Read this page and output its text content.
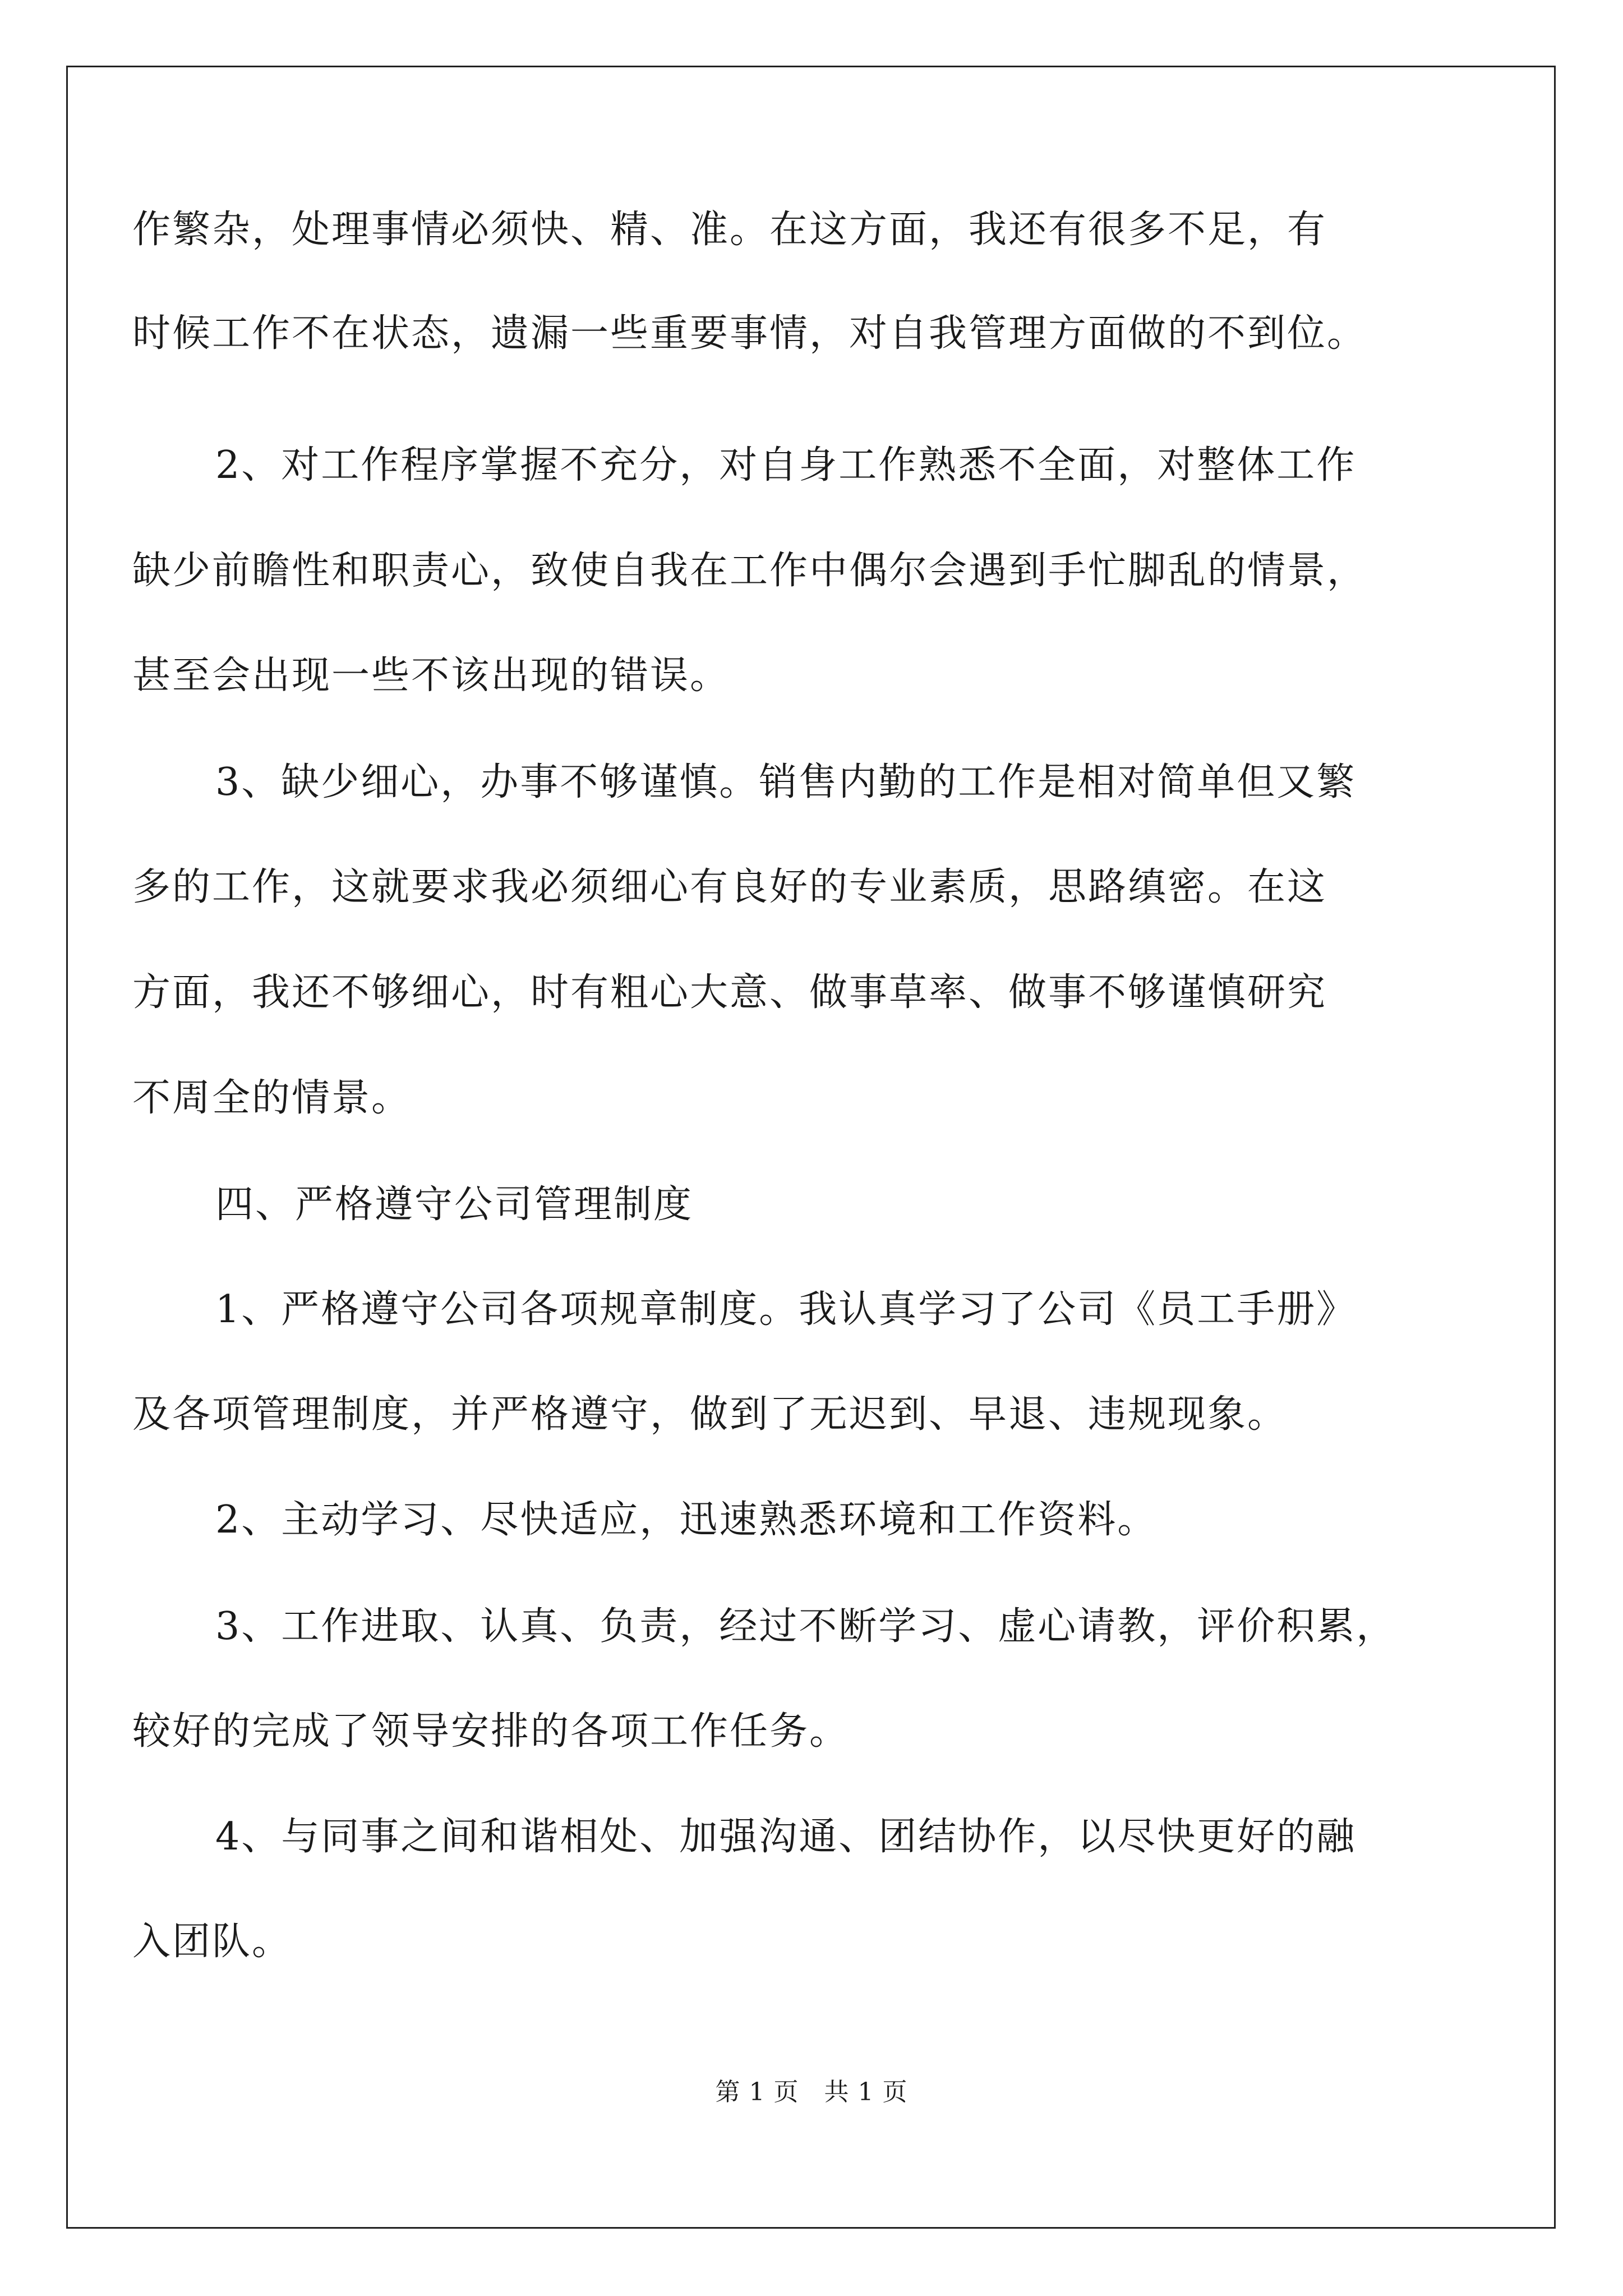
作繁杂，处理事情必须快、精、准。在这方面，我还有很多不足，有
时候工作不在状态，遗漏一些重要事情，对自我管理方面做的不到位。
2、对工作程序掌握不充分，对自身工作熟悉不全面，对整体工作
缺少前瞻性和职责心，致使自我在工作中偶尔会遇到手忙脚乱的情景，
甚至会出现一些不该出现的错误。
3、缺少细心，办事不够谨慎。销售内勤的工作是相对简单但又繁
多的工作，这就要求我必须细心有良好的专业素质，思路缜密。在这
方面，我还不够细心，时有粗心大意、做事草率、做事不够谨慎研究
不周全的情景。
四、严格遵守公司管理制度
1、严格遵守公司各项规章制度。我认真学习了公司《员工手册》
及各项管理制度，并严格遵守，做到了无迟到、早退、违规现象。
2、主动学习、尽快适应，迅速熟悉环境和工作资料。
3、工作进取、认真、负责，经过不断学习、虚心请教，评价积累，
较好的完成了领导安排的各项工作任务。
4、与同事之间和谐相处、加强沟通、团结协作，以尽快更好的融
入团队。
第 1 页 共 1 页
